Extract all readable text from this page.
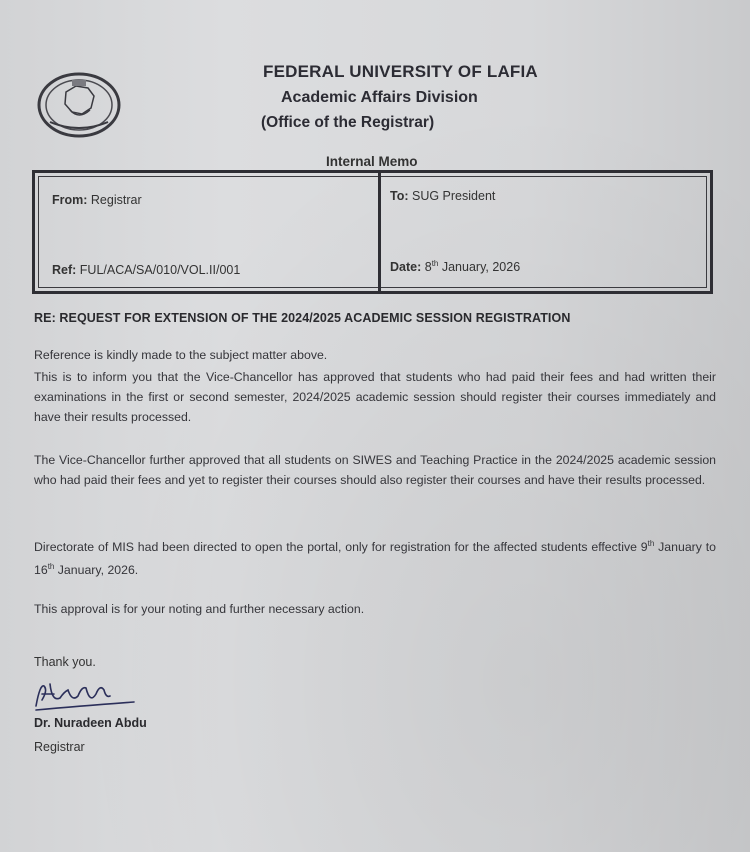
FEDERAL UNIVERSITY OF LAFIA
Academic Affairs Division
(Office of the Registrar)
Internal Memo
From: Registrar
Ref: FUL/ACA/SA/010/VOL.II/001
To: SUG President
Date: 8th January, 2026
RE: REQUEST FOR EXTENSION OF THE 2024/2025 ACADEMIC SESSION REGISTRATION
Reference is kindly made to the subject matter above.
This is to inform you that the Vice-Chancellor has approved that students who had paid their fees and had written their examinations in the first or second semester, 2024/2025 academic session should register their courses immediately and have their results processed.
The Vice-Chancellor further approved that all students on SIWES and Teaching Practice in the 2024/2025 academic session who had paid their fees and yet to register their courses should also register their courses and have their results processed.
Directorate of MIS had been directed to open the portal, only for registration for the affected students effective 9th January to 16th January, 2026.
This approval is for your noting and further necessary action.
Thank you.
Dr. Nuradeen Abdu
Registrar
